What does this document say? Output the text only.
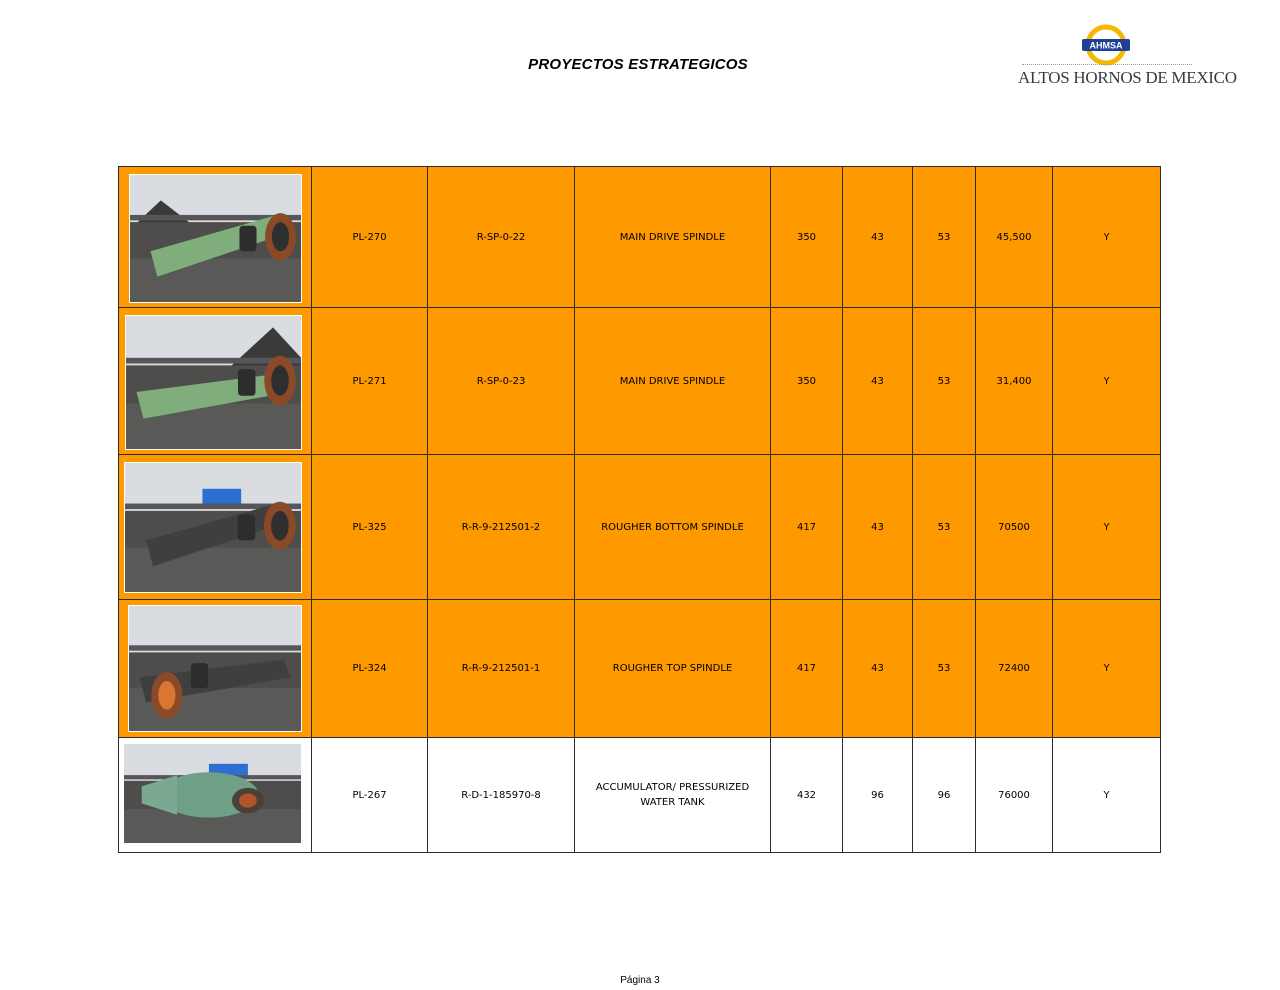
PROYECTOS ESTRATEGICOS
AHMSA
ALTOS HORNOS DE MEXICO
	PL-270	R-SP-0-22	MAIN DRIVE SPINDLE	350	43	53	45,500	Y

	PL-271	R-SP-0-23	MAIN DRIVE SPINDLE	350	43	53	31,400	Y

	PL-325	R-R-9-212501-2	ROUGHER BOTTOM SPINDLE	417	43	53	70500	Y

	PL-324	R-R-9-212501-1	ROUGHER TOP SPINDLE	417	43	53	72400	Y

	PL-267	R-D-1-185970-8	ACCUMULATOR/ PRESSURIZED WATER TANK	432	96	96	76000	Y
Página 3
